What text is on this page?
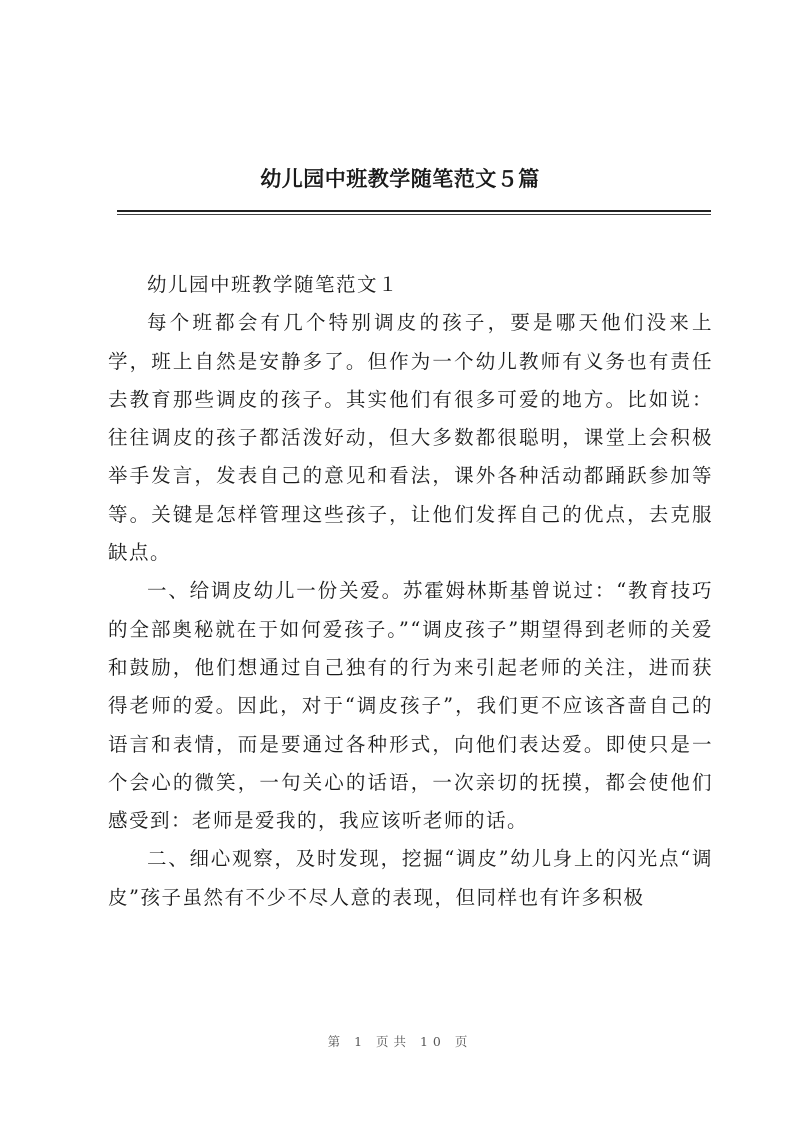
幼儿园中班教学随笔范文５篇

幼儿园中班教学随笔范文１

每个班都会有几个特别调皮的孩子，要是哪天他们没来上学，班上自然是安静多了。但作为一个幼儿教师有义务也有责任去教育那些调皮的孩子。其实他们有很多可爱的地方。比如说：往往调皮的孩子都活泼好动，但大多数都很聪明，课堂上会积极举手发言，发表自己的意见和看法，课外各种活动都踊跃参加等等。关键是怎样管理这些孩子，让他们发挥自己的优点，去克服缺点。

一、给调皮幼儿一份关爱。苏霍姆林斯基曾说过：“教育技巧的全部奥秘就在于如何爱孩子。”“调皮孩子”期望得到老师的关爱和鼓励，他们想通过自己独有的行为来引起老师的关注，进而获得老师的爱。因此，对于“调皮孩子”，我们更不应该吝啬自己的语言和表情，而是要通过各种形式，向他们表达爱。即使只是一个会心的微笑，一句关心的话语，一次亲切的抚摸，都会使他们感受到：老师是爱我的，我应该听老师的话。

二、细心观察，及时发现，挖掘“调皮”幼儿身上的闪光点“调皮”孩子虽然有不少不尽人意的表现，但同样也有许多积极

第 1 页共 10 页
